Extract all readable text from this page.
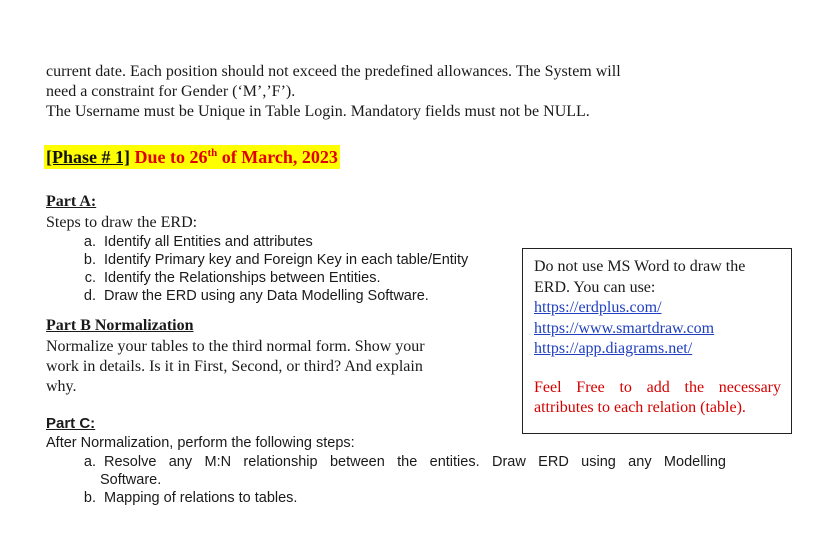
current date. Each position should not exceed the predefined allowances. The System will
need a constraint for Gender (‘M’,’F’).
The Username must be Unique in Table Login. Mandatory fields must not be NULL.
[Phase # 1] Due to 26th of March, 2023
Part A:
Steps to draw the ERD:
a. Identify all Entities and attributes
b. Identify Primary key and Foreign Key in each table/Entity
c. Identify the Relationships between Entities.
d. Draw the ERD using any Data Modelling Software.
Part B Normalization
Normalize your tables to the third normal form. Show your
work in details. Is it in First, Second, or third? And explain
why.
Part C:
After Normalization, perform the following steps:
a. Resolve any M:N relationship between the entities. Draw ERD using any Modelling
Software.
b. Mapping of relations to tables.
Do not use MS Word to draw the
ERD. You can use:
https://erdplus.com/
https://www.smartdraw.com
https://app.diagrams.net/
Feel Free to add the necessary attributes to each relation (table).
